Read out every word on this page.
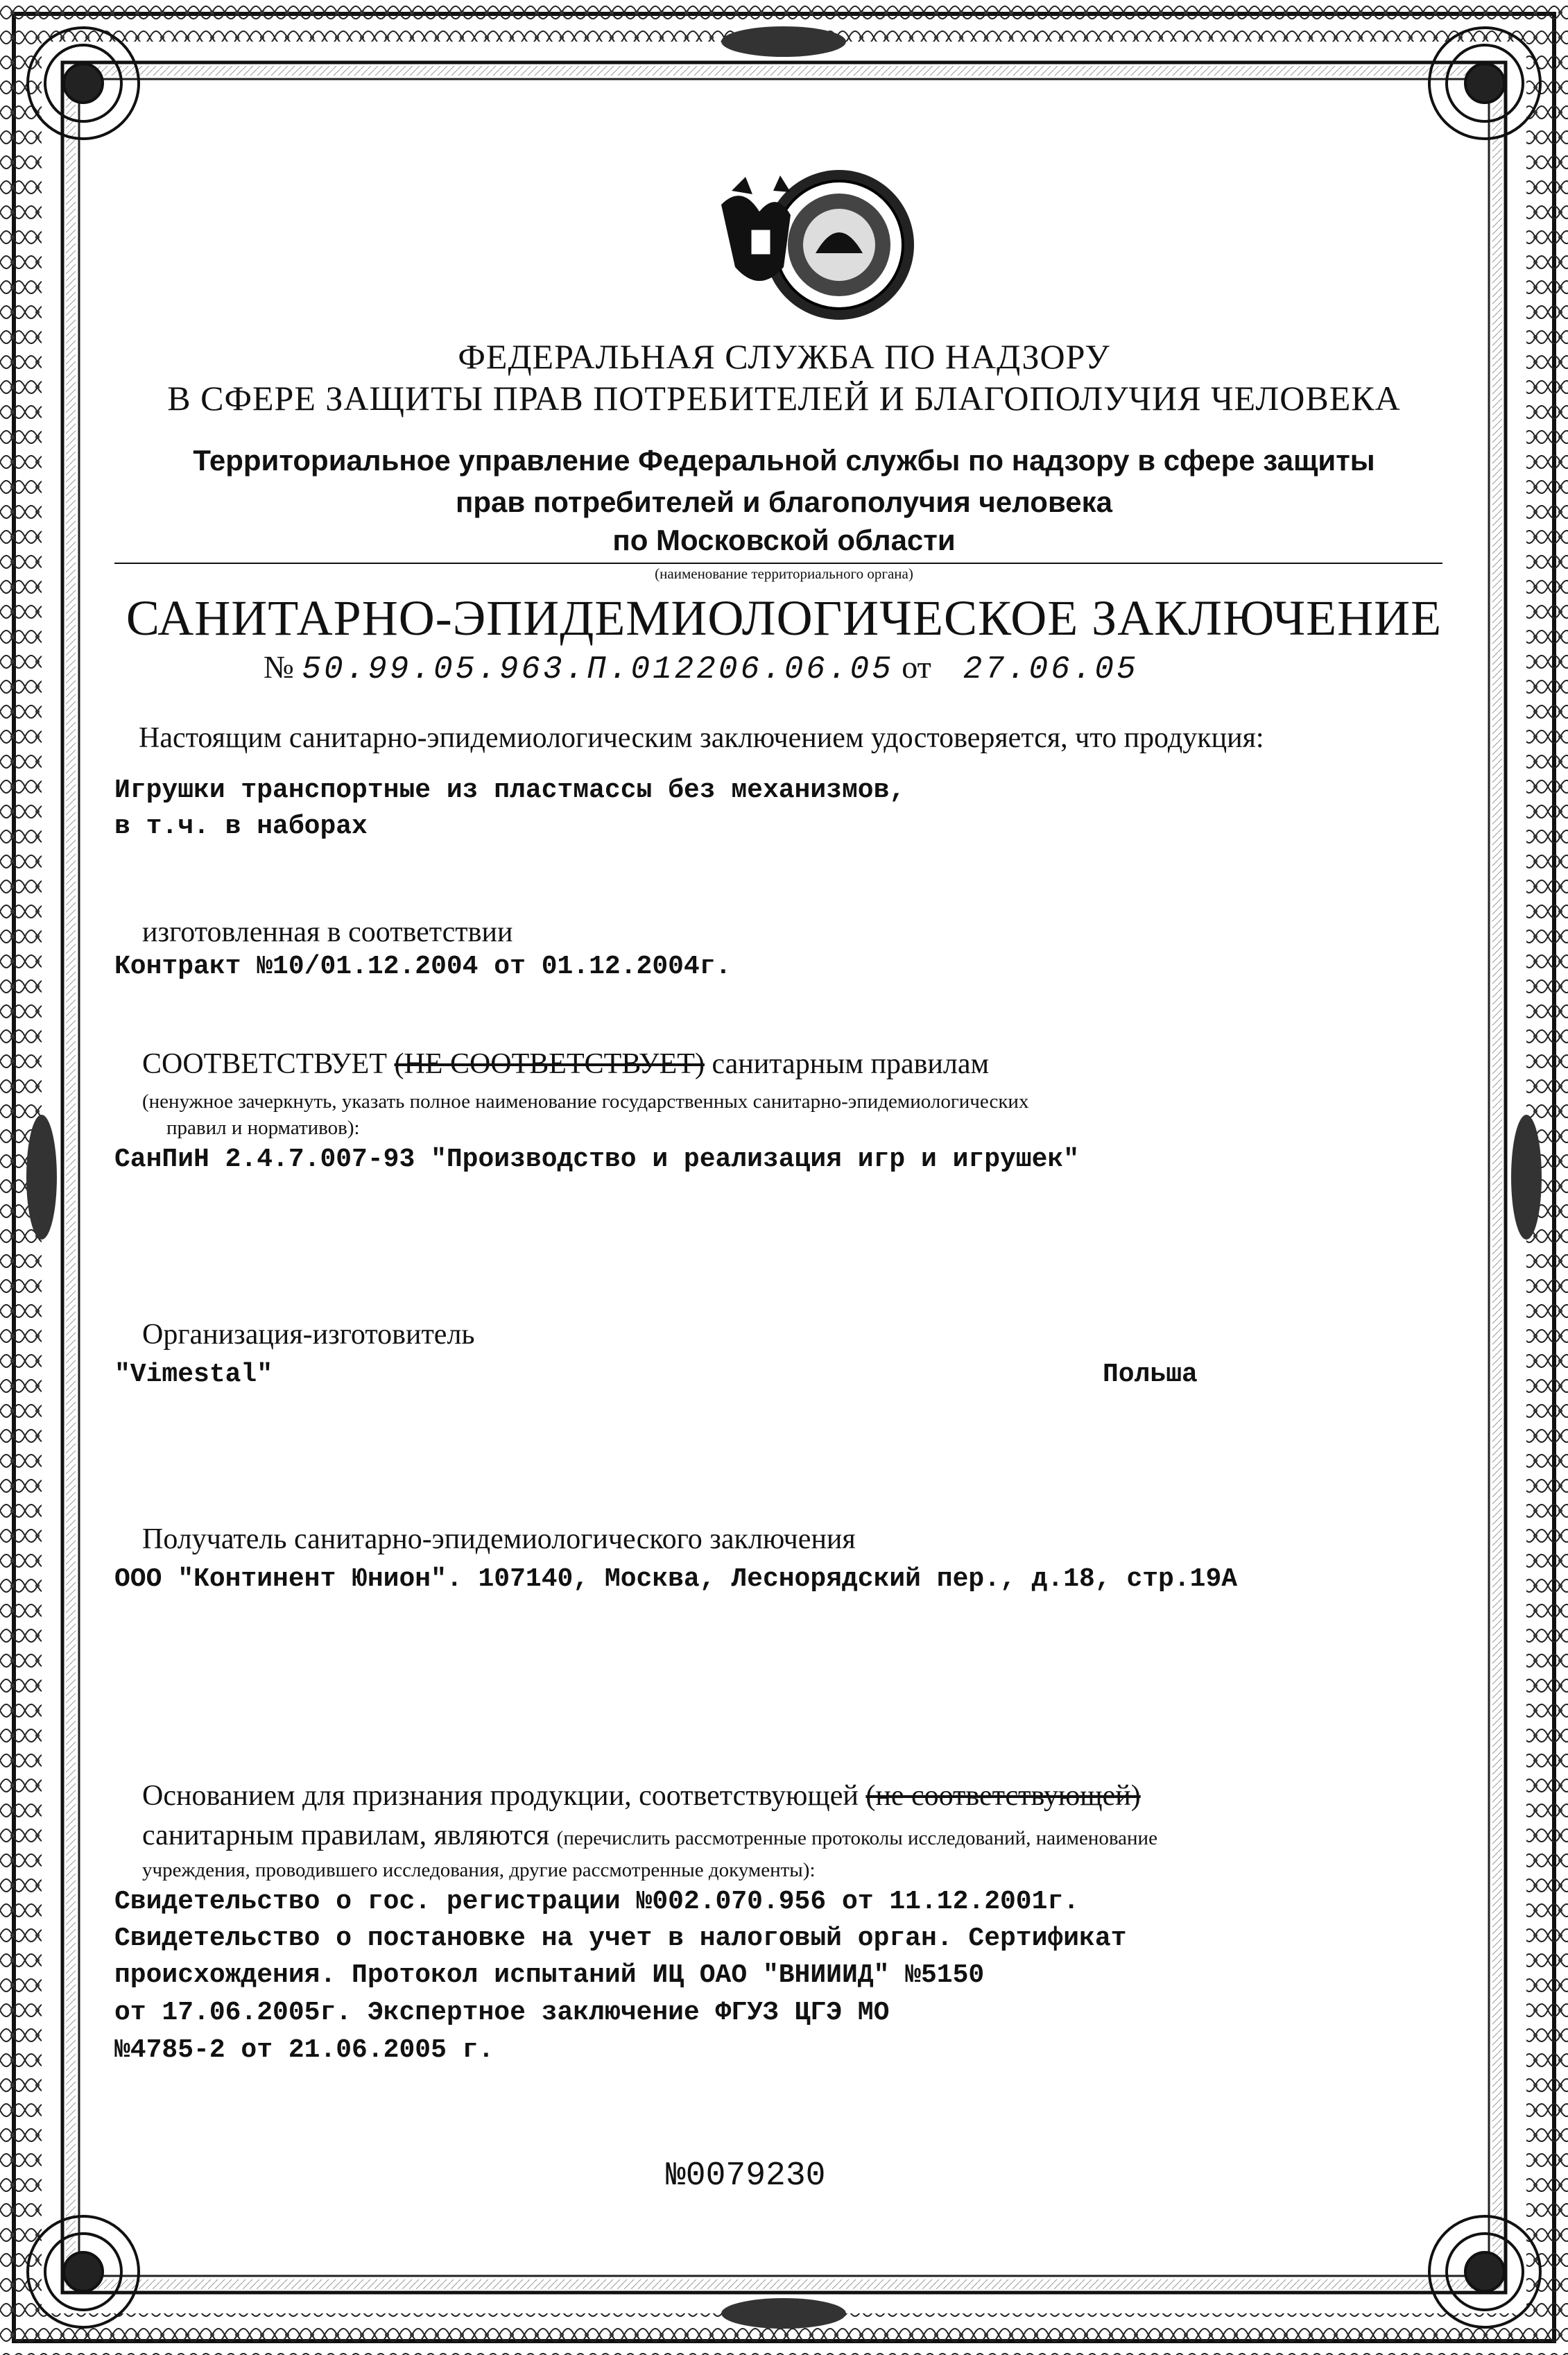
ФЕДЕРАЛЬНАЯ СЛУЖБА ПО НАДЗОРУ
В СФЕРЕ ЗАЩИТЫ ПРАВ ПОТРЕБИТЕЛЕЙ И БЛАГОПОЛУЧИЯ ЧЕЛОВЕКА
Территориальное управление Федеральной службы по надзору в сфере защиты
прав потребителей и благополучия человека
по Московской области
(наименование территориального органа)
САНИТАРНО-ЭПИДЕМИОЛОГИЧЕСКОЕ ЗАКЛЮЧЕНИЕ
№ 50.99.05.963.П.012206.06.05 от 27.06.05
Настоящим санитарно-эпидемиологическим заключением удостоверяется, что продукция:
Игрушки транспортные из пластмассы без механизмов,
в т.ч. в наборах
изготовленная в соответствии
Контракт №10/01.12.2004 от 01.12.2004г.
СООТВЕТСТВУЕТ (НЕ СООТВЕТСТВУЕТ) санитарным правилам
(ненужное зачеркнуть, указать полное наименование государственных санитарно-эпидемиологических
правил и нормативов):
СанПиН 2.4.7.007-93 "Производство и реализация игр и игрушек"
Организация-изготовитель
"Vimestal"	Польша
Получатель санитарно-эпидемиологического заключения
ООО "Континент Юнион". 107140, Москва, Леснорядский пер., д.18, стр.19А
Основанием для признания продукции, соответствующей (не соответствующей)
санитарным правилам, являются (перечислить рассмотренные протоколы исследований, наименование
учреждения, проводившего исследования, другие рассмотренные документы):
Свидетельство о гос. регистрации №002.070.956 от 11.12.2001г.
Свидетельство о постановке на учет в налоговый орган. Сертификат
происхождения. Протокол испытаний ИЦ ОАО "ВНИИИД" №5150
от 17.06.2005г. Экспертное заключение ФГУЗ ЦГЭ МО
№4785-2 от 21.06.2005 г.
№0079230
